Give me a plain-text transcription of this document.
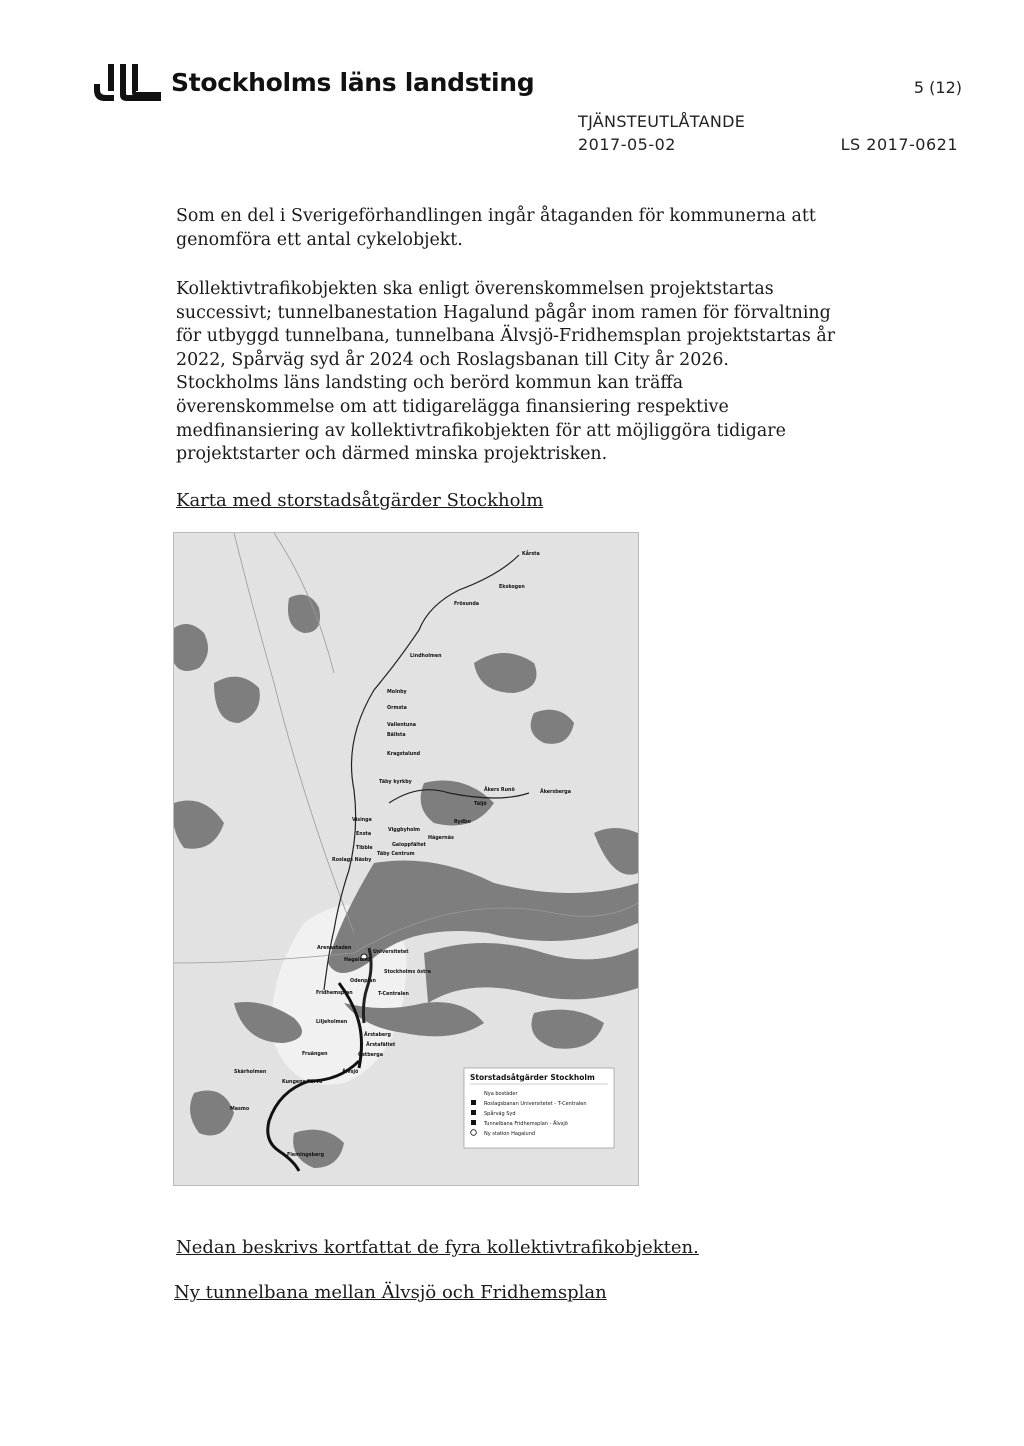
Stockholms läns landsting	5 (12)
TJÄNSTEUTLÅTANDE
2017-05-02	LS 2017-0621

Som en del i Sverigeförhandlingen ingår åtaganden för kommunerna att genomföra ett antal cykelobjekt.

Kollektivtrafikobjekten ska enligt överenskommelsen projektstartas successivt; tunnelbanestation Hagalund pågår inom ramen för förvaltning för utbyggd tunnelbana, tunnelbana Älvsjö-Fridhemsplan projektstartas år 2022, Spårväg syd år 2024 och Roslagsbanan till City år 2026. Stockholms läns landsting och berörd kommun kan träffa överenskommelse om att tidigarelägga finansiering respektive medfinansiering av kollektivtrafikobjekten för att möjliggöra tidigare projektstarter och därmed minska projektrisken.

Karta med storstadsåtgärder Stockholm
Kårsta
Ekskogen
Frösunda
Lindholmen
Molnby
Ormsta
Vallentuna
Bällsta
Kragstalund
Täby kyrkby
Åkers Runö	Åkersberga
Täljö
Visinge
Ensta
Tibble
Roslags Näsby
Viggbyholm
Hägernäs
Galoppfältet
Täby Centrum
Rydbo
Arenastaden
Hagalund
Universitetet
Stockholms östra
Odenplan
Fridhemsplan	T-Centralen
Liljeholmen
Årstaberg
Årstafältet
Östberga
Fruängen
Älvsjö
Skärholmen
Kungens kurva
Masmo
Flemingsberg
Storstadsåtgärder Stockholm
Nya bostäder
Roslagsbanan Universitetet - T-Centralen
Spårväg Syd
Tunnelbana Fridhemsplan - Älvsjö
Ny station Hagalund
Nedan beskrivs kortfattat de fyra kollektivtrafikobjekten.
Ny tunnelbana mellan Älvsjö och Fridhemsplan
